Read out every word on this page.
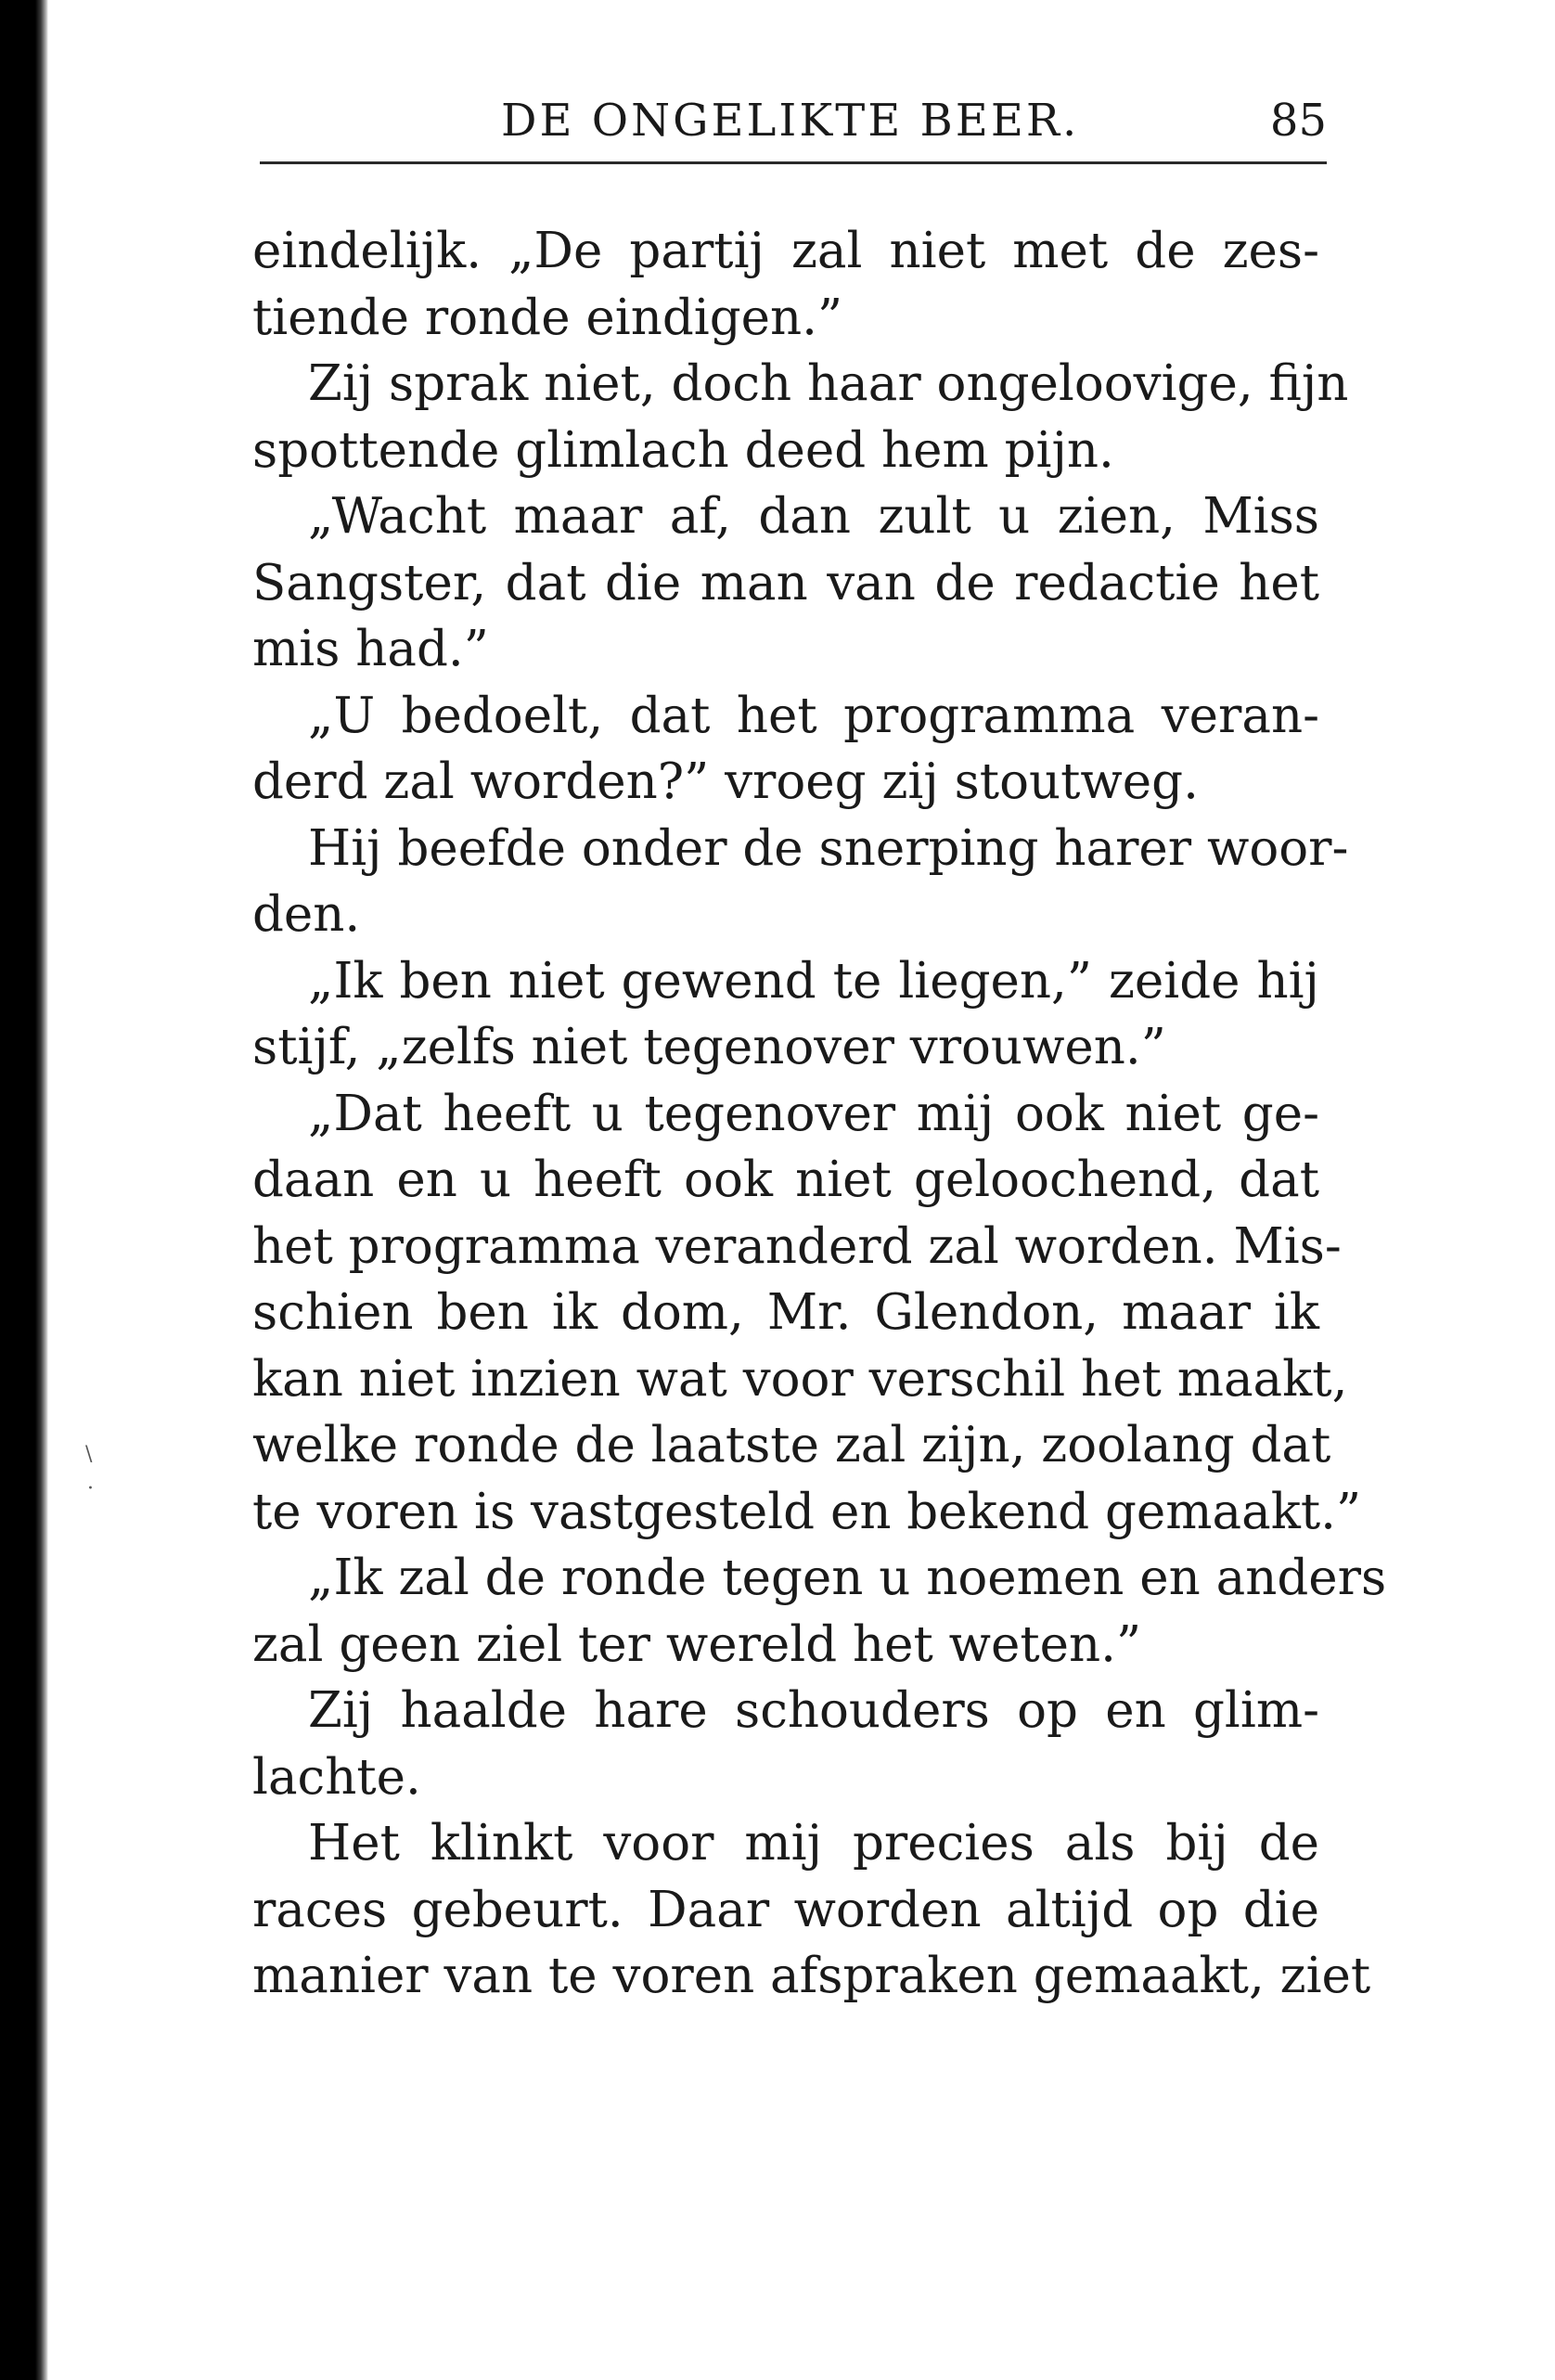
DE ONGELIKTE BEER.	85
eindelijk. „De partij zal niet met de zes-
tiende ronde eindigen.”
Zij sprak niet, doch haar ongeloovige, fijn
spottende glimlach deed hem pijn.
„Wacht maar af, dan zult u zien, Miss
Sangster, dat die man van de redactie het
mis had.”
„U bedoelt, dat het programma veran-
derd zal worden?” vroeg zij stoutweg.
Hij beefde onder de snerping harer woor-
den.
„Ik ben niet gewend te liegen,” zeide hij
stijf, „zelfs niet tegenover vrouwen.”
„Dat heeft u tegenover mij ook niet ge-
daan en u heeft ook niet geloochend, dat
het programma veranderd zal worden. Mis-
schien ben ik dom, Mr. Glendon, maar ik
kan niet inzien wat voor verschil het maakt,
welke ronde de laatste zal zijn, zoolang dat
te voren is vastgesteld en bekend gemaakt.”
„Ik zal de ronde tegen u noemen en anders
zal geen ziel ter wereld het weten.”
Zij haalde hare schouders op en glim-
lachte.
Het klinkt voor mij precies als bij de
races gebeurt. Daar worden altijd op die
manier van te voren afspraken gemaakt, ziet
\
·
